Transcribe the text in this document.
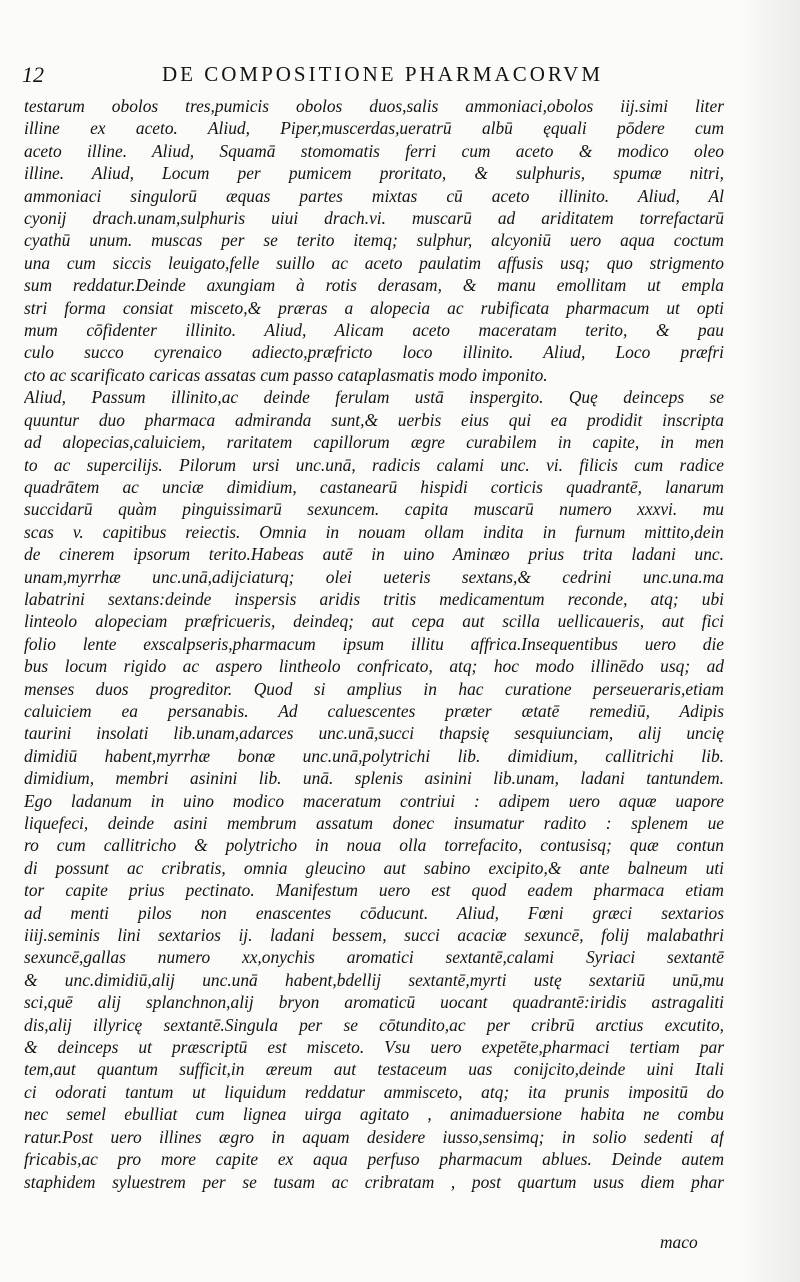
12	DE COMPOSITIONE PHARMACORVM
testarum obolos tres,pumicis obolos duos,salis ammoniaci,obolos iij.simi liter
illine ex aceto. Aliud, Piper,muscerdas,ueratrū albū ęquali pōdere cum
aceto illine. Aliud, Squamā stomomatis ferri cum aceto & modico oleo
illine. Aliud, Locum per pumicem proritato, & sulphuris, spumæ nitri,
ammoniaci singulorū æquas partes mixtas cū aceto illinito. Aliud, Al
cyonij drach.unam,sulphuris uiui drach.vi. muscarū ad ariditatem torrefactarū
cyathū unum. muscas per se terito itemq; sulphur, alcyoniū uero aqua coctum
una cum siccis leuigato,felle suillo ac aceto paulatim affusis usq; quo strigmento
sum reddatur.Deinde axungiam à rotis derasam, & manu emollitam ut empla
stri forma consiat misceto,& præras a alopecia ac rubificata pharmacum ut opti
mum cōfidenter illinito. Aliud, Alicam aceto maceratam terito, & pau
culo succo cyrenaico adiecto,præfricto loco illinito. Aliud, Loco præfri
cto ac scarificato caricas assatas cum passo cataplasmatis modo imponito.
Aliud, Passum illinito,ac deinde ferulam ustā inspergito. Quę deinceps se
quuntur duo pharmaca admiranda sunt,& uerbis eius qui ea prodidit inscripta
ad alopecias,caluiciem, raritatem capillorum ægre curabilem in capite, in men
to ac supercilijs. Pilorum ursi unc.unā, radicis calami unc. vi. filicis cum radice
quadrātem ac unciæ dimidium, castanearū hispidi corticis quadrantē, lanarum
succidarū quàm pinguissimarū sexuncem. capita muscarū numero xxxvi. mu
scas v. capitibus reiectis. Omnia in nouam ollam indita in furnum mittito,dein
de cinerem ipsorum terito.Habeas autē in uino Aminæo prius trita ladani unc.
unam,myrrhæ unc.unā,adijciaturq; olei ueteris sextans,& cedrini unc.una.ma
labatrini sextans:deinde inspersis aridis tritis medicamentum reconde, atq; ubi
linteolo alopeciam præfricueris, deindeq; aut cepa aut scilla uellicaueris, aut fici
folio lente exscalpseris,pharmacum ipsum illitu affrica.Insequentibus uero die
bus locum rigido ac aspero lintheolo confricato, atq; hoc modo illinēdo usq; ad
menses duos progreditor. Quod si amplius in hac curatione perseueraris,etiam
caluiciem ea persanabis. Ad caluescentes præter ætatē remediū, Adipis
taurini insolati lib.unam,adarces unc.unā,succi thapsię sesquiunciam, alij uncię
dimidiū habent,myrrhæ bonæ unc.unā,polytrichi lib. dimidium, callitrichi lib.
dimidium, membri asinini lib. unā. splenis asinini lib.unam, ladani tantundem.
Ego ladanum in uino modico maceratum contriui : adipem uero aquæ uapore
liquefeci, deinde asini membrum assatum donec insumatur radito : splenem ue
ro cum callitricho & polytricho in noua olla torrefacito, contusisq; quæ contun
di possunt ac cribratis, omnia gleucino aut sabino excipito,& ante balneum uti
tor capite prius pectinato. Manifestum uero est quod eadem pharmaca etiam
ad menti pilos non enascentes cōducunt. Aliud, Fœni græci sextarios
iiij.seminis lini sextarios ij. ladani bessem, succi acaciæ sexuncē, folij malabathri
sexuncē,gallas numero xx,onychis aromatici sextantē,calami Syriaci sextantē
& unc.dimidiū,alij unc.unā habent,bdellij sextantē,myrti ustę sextariū unū,mu
sci,quē alij splanchnon,alij bryon aromaticū uocant quadrantē:iridis astragaliti
dis,alij illyricę sextantē.Singula per se cōtundito,ac per cribrū arctius excutito,
& deinceps ut præscriptū est misceto. Vsu uero expetēte,pharmaci tertiam par
tem,aut quantum sufficit,in æreum aut testaceum uas conijcito,deinde uini Itali
ci odorati tantum ut liquidum reddatur ammisceto, atq; ita prunis impositū do
nec semel ebulliat cum lignea uirga agitato , animaduersione habita ne combu
ratur.Post uero illines ægro in aquam desidere iusso,sensimq; in solio sedenti af
fricabis,ac pro more capite ex aqua perfuso pharmacum ablues. Deinde autem
staphidem syluestrem per se tusam ac cribratam , post quartum usus diem phar
maco
